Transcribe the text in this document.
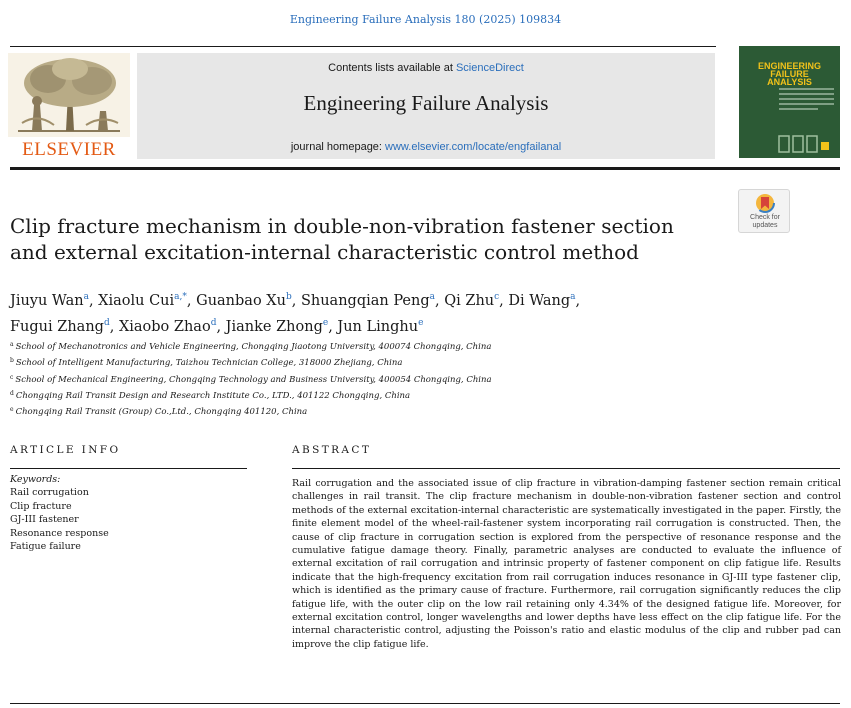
Engineering Failure Analysis 180 (2025) 109834
ELSEVIER
Contents lists available at ScienceDirect
Engineering Failure Analysis
journal homepage: www.elsevier.com/locate/engfailanal
ENGINEERING
FAILURE
ANALYSIS
Check for
updates
Clip fracture mechanism in double-non-vibration fastener section
and external excitation-internal characteristic control method
Jiuyu Wan$^a$, Xiaolu Cui$^{a,*}$, Guanbao Xu$^b$, Shuangqian Peng$^a$, Qi Zhu$^c$, Di Wang$^a$,
Fugui Zhang$^d$, Xiaobo Zhao$^d$, Jianke Zhong$^e$, Jun Linghu$^e$
$^a$ School of Mechanotronics and Vehicle Engineering, Chongqing Jiaotong University, 400074 Chongqing, China
$^b$ School of Intelligent Manufacturing, Taizhou Technician College, 318000 Zhejiang, China
$^c$ School of Mechanical Engineering, Chongqing Technology and Business University, 400054 Chongqing, China
$^d$ Chongqing Rail Transit Design and Research Institute Co., LTD., 401122 Chongqing, China
$^e$ Chongqing Rail Transit (Group) Co.,Ltd., Chongqing 401120, China
ARTICLE INFO	ABSTRACT
Keywords:
Rail corrugation
Clip fracture
GJ-III fastener
Resonance response
Fatigue failure
Rail corrugation and the associated issue of clip fracture in vibration-damping fastener section remain critical challenges in rail transit. The clip fracture mechanism in double-non-vibration fastener section and control methods of the external excitation-internal characteristic are systematically investigated in the paper. Firstly, the finite element model of the wheel-rail-fastener system incorporating rail corrugation is constructed. Then, the cause of clip fracture in corrugation section is explored from the perspective of resonance response and the cumulative fatigue damage theory. Finally, parametric analyses are conducted to evaluate the influence of external excitation of rail corrugation and intrinsic property of fastener component on clip fatigue life. Results indicate that the high-frequency excitation from rail corrugation induces resonance in GJ-III type fastener clip, which is identified as the primary cause of fracture. Furthermore, rail corrugation significantly reduces the clip fatigue life, with the outer clip on the low rail retaining only 4.34% of the designed fatigue life. Moreover, for external excitation control, longer wavelengths and lower depths have less effect on the clip fatigue life. For the internal characteristic control, adjusting the Poisson's ratio and elastic modulus of the clip and rubber pad can improve the clip fatigue life.
